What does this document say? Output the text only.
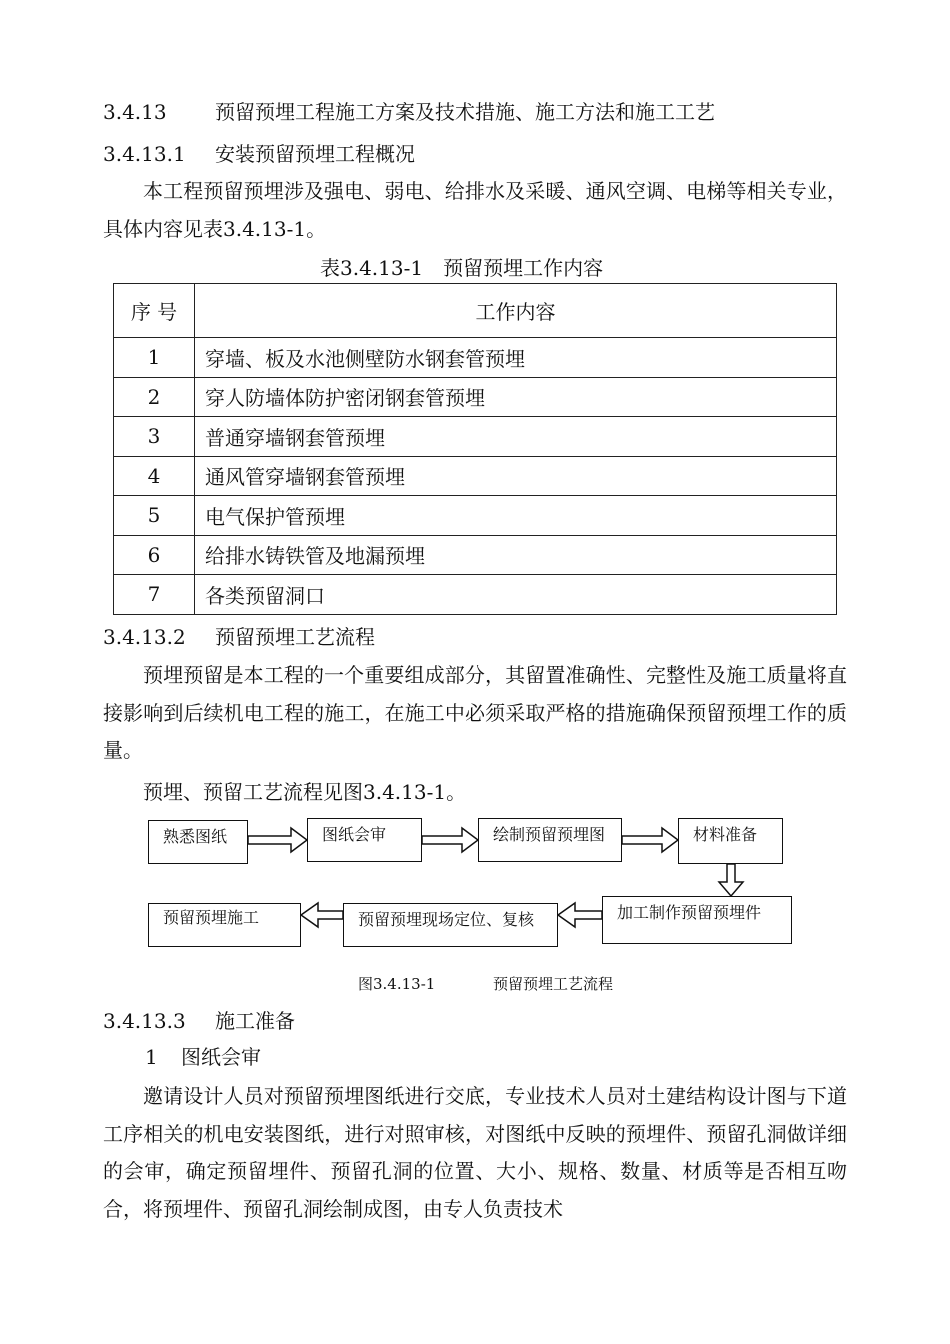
3.4.13 预留预埋工程施工方案及技术措施、施工方法和施工工艺
3.4.13.1 安装预留预埋工程概况
本工程预留预埋涉及强电、弱电、给排水及采暖、通风空调、电梯等相关专业，具体内容见表3.4.13-1。
表3.4.13-1　预留预埋工作内容
序 号	工作内容
1	穿墙、板及水池侧壁防水钢套管预埋
2	穿人防墙体防护密闭钢套管预埋
3	普通穿墙钢套管预埋
4	通风管穿墙钢套管预埋
5	电气保护管预埋
6	给排水铸铁管及地漏预埋
7	各类预留洞口
3.4.13.2 预留预埋工艺流程
预埋预留是本工程的一个重要组成部分，其留置准确性、完整性及施工质量将直接影响到后续机电工程的施工，在施工中必须采取严格的措施确保预留预埋工作的质量。
预埋、预留工艺流程见图3.4.13-1。
熟悉图纸	图纸会审	绘制预留预埋图	材料准备
加工制作预留预埋件
预留预埋现场定位、复核
预留预埋施工
图3.4.13-1	预留预埋工艺流程
3.4.13.3 施工准备
1 图纸会审
邀请设计人员对预留预埋图纸进行交底，专业技术人员对土建结构设计图与下道工序相关的机电安装图纸，进行对照审核，对图纸中反映的预埋件、预留孔洞做详细的会审，确定预留埋件、预留孔洞的位置、大小、规格、数量、材质等是否相互吻合，将预埋件、预留孔洞绘制成图，由专人负责技术
